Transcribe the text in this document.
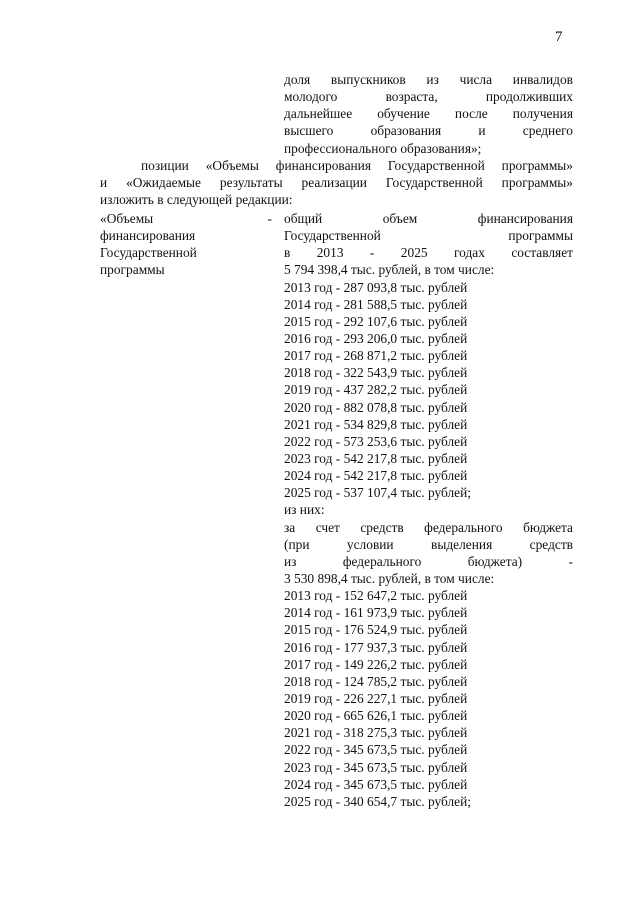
7
доля выпускников из числа инвалидов
молодого возраста, продолживших
дальнейшее обучение после получения
высшего образования и среднего
профессионального образования»;
позиции «Объемы финансирования Государственной программы»
и «Ожидаемые результаты реализации Государственной программы»
изложить в следующей редакции:
«Объемы	-
финансирования
Государственной
программы
общий объем финансирования
Государственной программы
в 2013 - 2025 годах составляет
5 794 398,4 тыс. рублей, в том числе:
2013 год - 287 093,8 тыс. рублей
2014 год - 281 588,5 тыс. рублей
2015 год - 292 107,6 тыс. рублей
2016 год - 293 206,0 тыс. рублей
2017 год - 268 871,2 тыс. рублей
2018 год - 322 543,9 тыс. рублей
2019 год - 437 282,2 тыс. рублей
2020 год - 882 078,8 тыс. рублей
2021 год - 534 829,8 тыс. рублей
2022 год - 573 253,6 тыс. рублей
2023 год - 542 217,8 тыс. рублей
2024 год - 542 217,8 тыс. рублей
2025 год - 537 107,4 тыс. рублей;
из них:
за счет средств федерального бюджета
(при условии выделения средств
из федерального бюджета) -
3 530 898,4 тыс. рублей, в том числе:
2013 год - 152 647,2 тыс. рублей
2014 год - 161 973,9 тыс. рублей
2015 год - 176 524,9 тыс. рублей
2016 год - 177 937,3 тыс. рублей
2017 год - 149 226,2 тыс. рублей
2018 год - 124 785,2 тыс. рублей
2019 год - 226 227,1 тыс. рублей
2020 год - 665 626,1 тыс. рублей
2021 год - 318 275,3 тыс. рублей
2022 год - 345 673,5 тыс. рублей
2023 год - 345 673,5 тыс. рублей
2024 год - 345 673,5 тыс. рублей
2025 год - 340 654,7 тыс. рублей;
